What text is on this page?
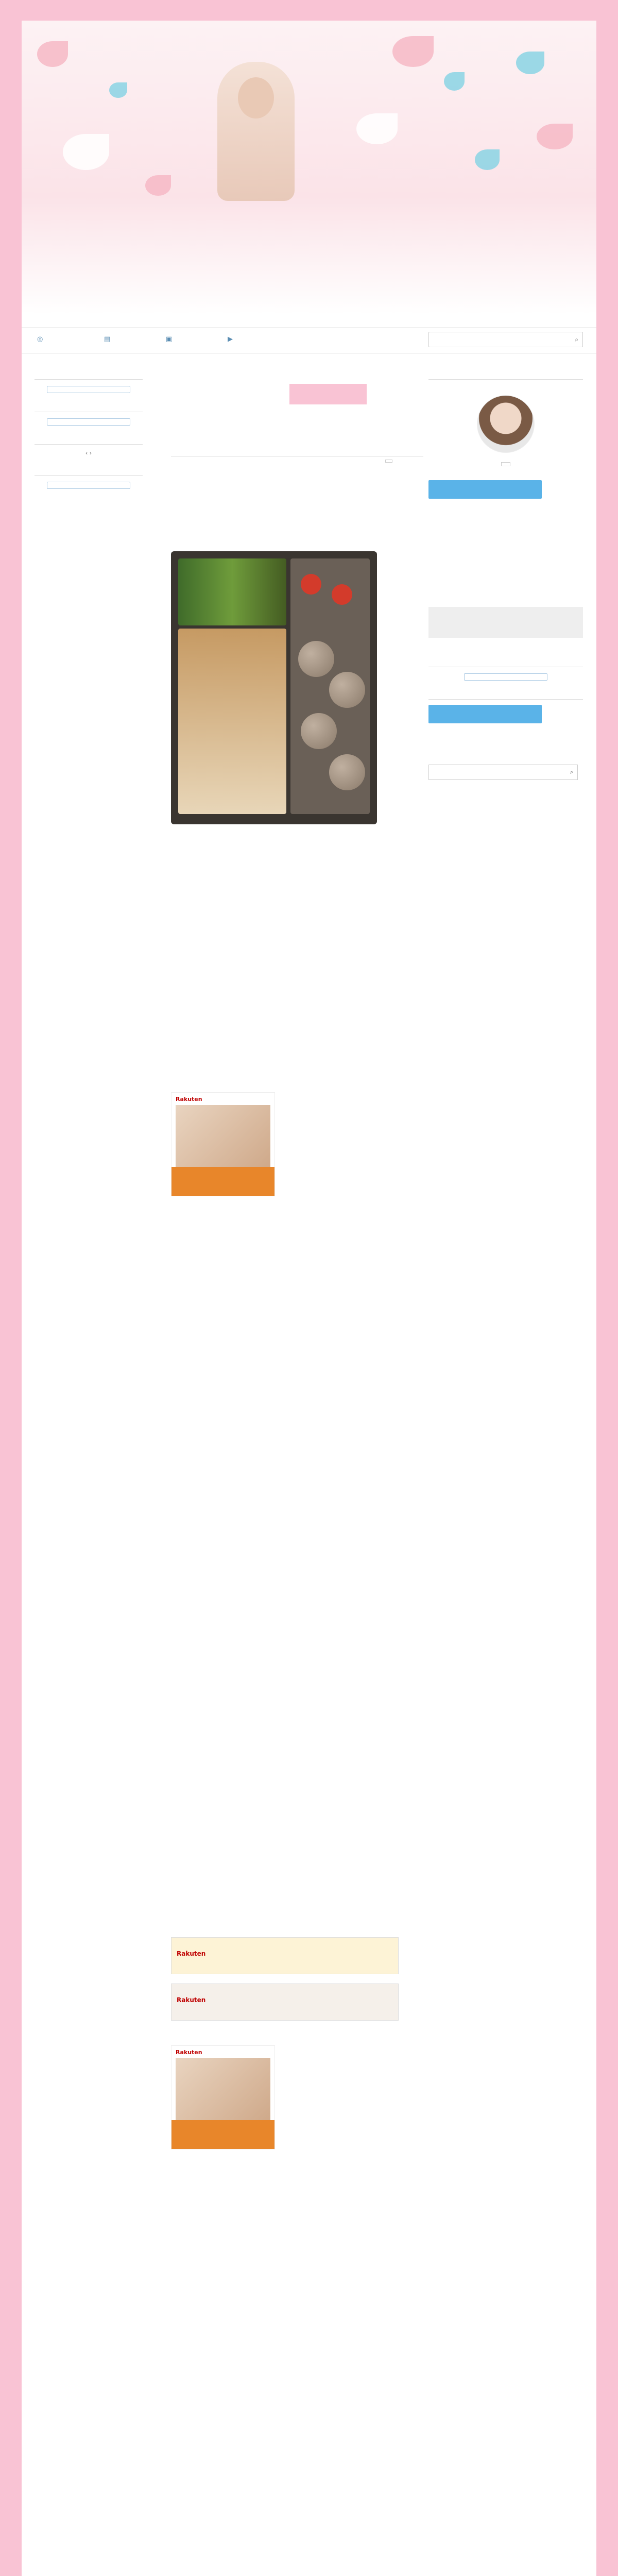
◎	▤	▣	▶	⌕
‹ ›
Rakuten
Rakuten
Rakuten
Rakuten
⌕
